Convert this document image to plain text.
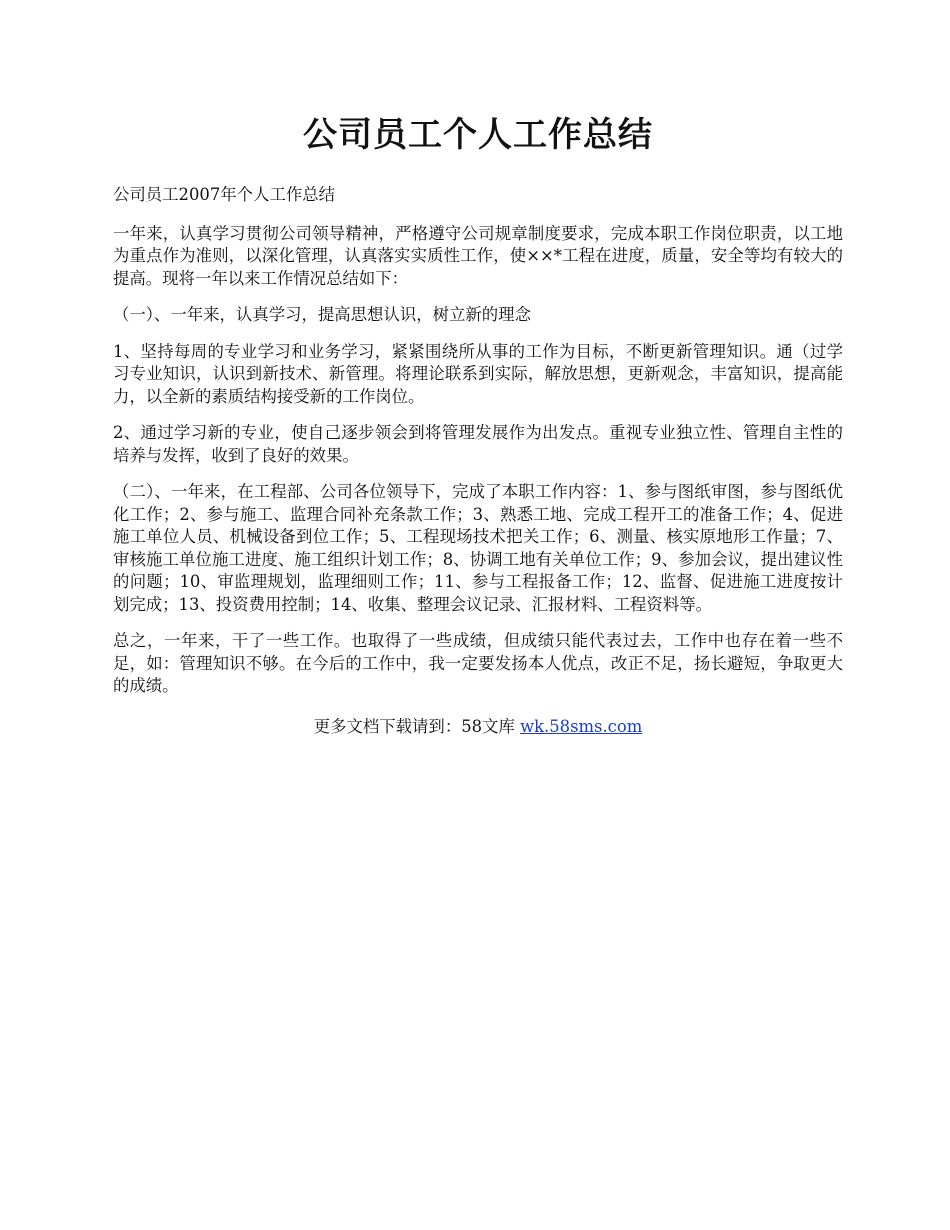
公司员工个人工作总结

公司员工2007年个人工作总结

一年来，认真学习贯彻公司领导精神，严格遵守公司规章制度要求，完成本职工作岗位职责，以工地为重点作为准则，以深化管理，认真落实实质性工作，使××*工程在进度，质量，安全等均有较大的提高。现将一年以来工作情况总结如下：

（一）、一年来，认真学习，提高思想认识，树立新的理念

1、坚持每周的专业学习和业务学习，紧紧围绕所从事的工作为目标，不断更新管理知识。通（过学习专业知识，认识到新技术、新管理。将理论联系到实际，解放思想，更新观念，丰富知识，提高能力，以全新的素质结构接受新的工作岗位。

2、通过学习新的专业，使自己逐步领会到将管理发展作为出发点。重视专业独立性、管理自主性的培养与发挥，收到了良好的效果。

（二）、一年来，在工程部、公司各位领导下，完成了本职工作内容：1、参与图纸审图，参与图纸优化工作；2、参与施工、监理合同补充条款工作；3、熟悉工地、完成工程开工的准备工作；4、促进施工单位人员、机械设备到位工作；5、工程现场技术把关工作；6、测量、核实原地形工作量；7、审核施工单位施工进度、施工组织计划工作；8、协调工地有关单位工作；9、参加会议，提出建议性的问题；10、审监理规划，监理细则工作；11、参与工程报备工作；12、监督、促进施工进度按计划完成；13、投资费用控制；14、收集、整理会议记录、汇报材料、工程资料等。

总之，一年来，干了一些工作。也取得了一些成绩，但成绩只能代表过去，工作中也存在着一些不足，如：管理知识不够。在今后的工作中，我一定要发扬本人优点，改正不足，扬长避短，争取更大的成绩。

更多文档下载请到：58文库 wk.58sms.com
